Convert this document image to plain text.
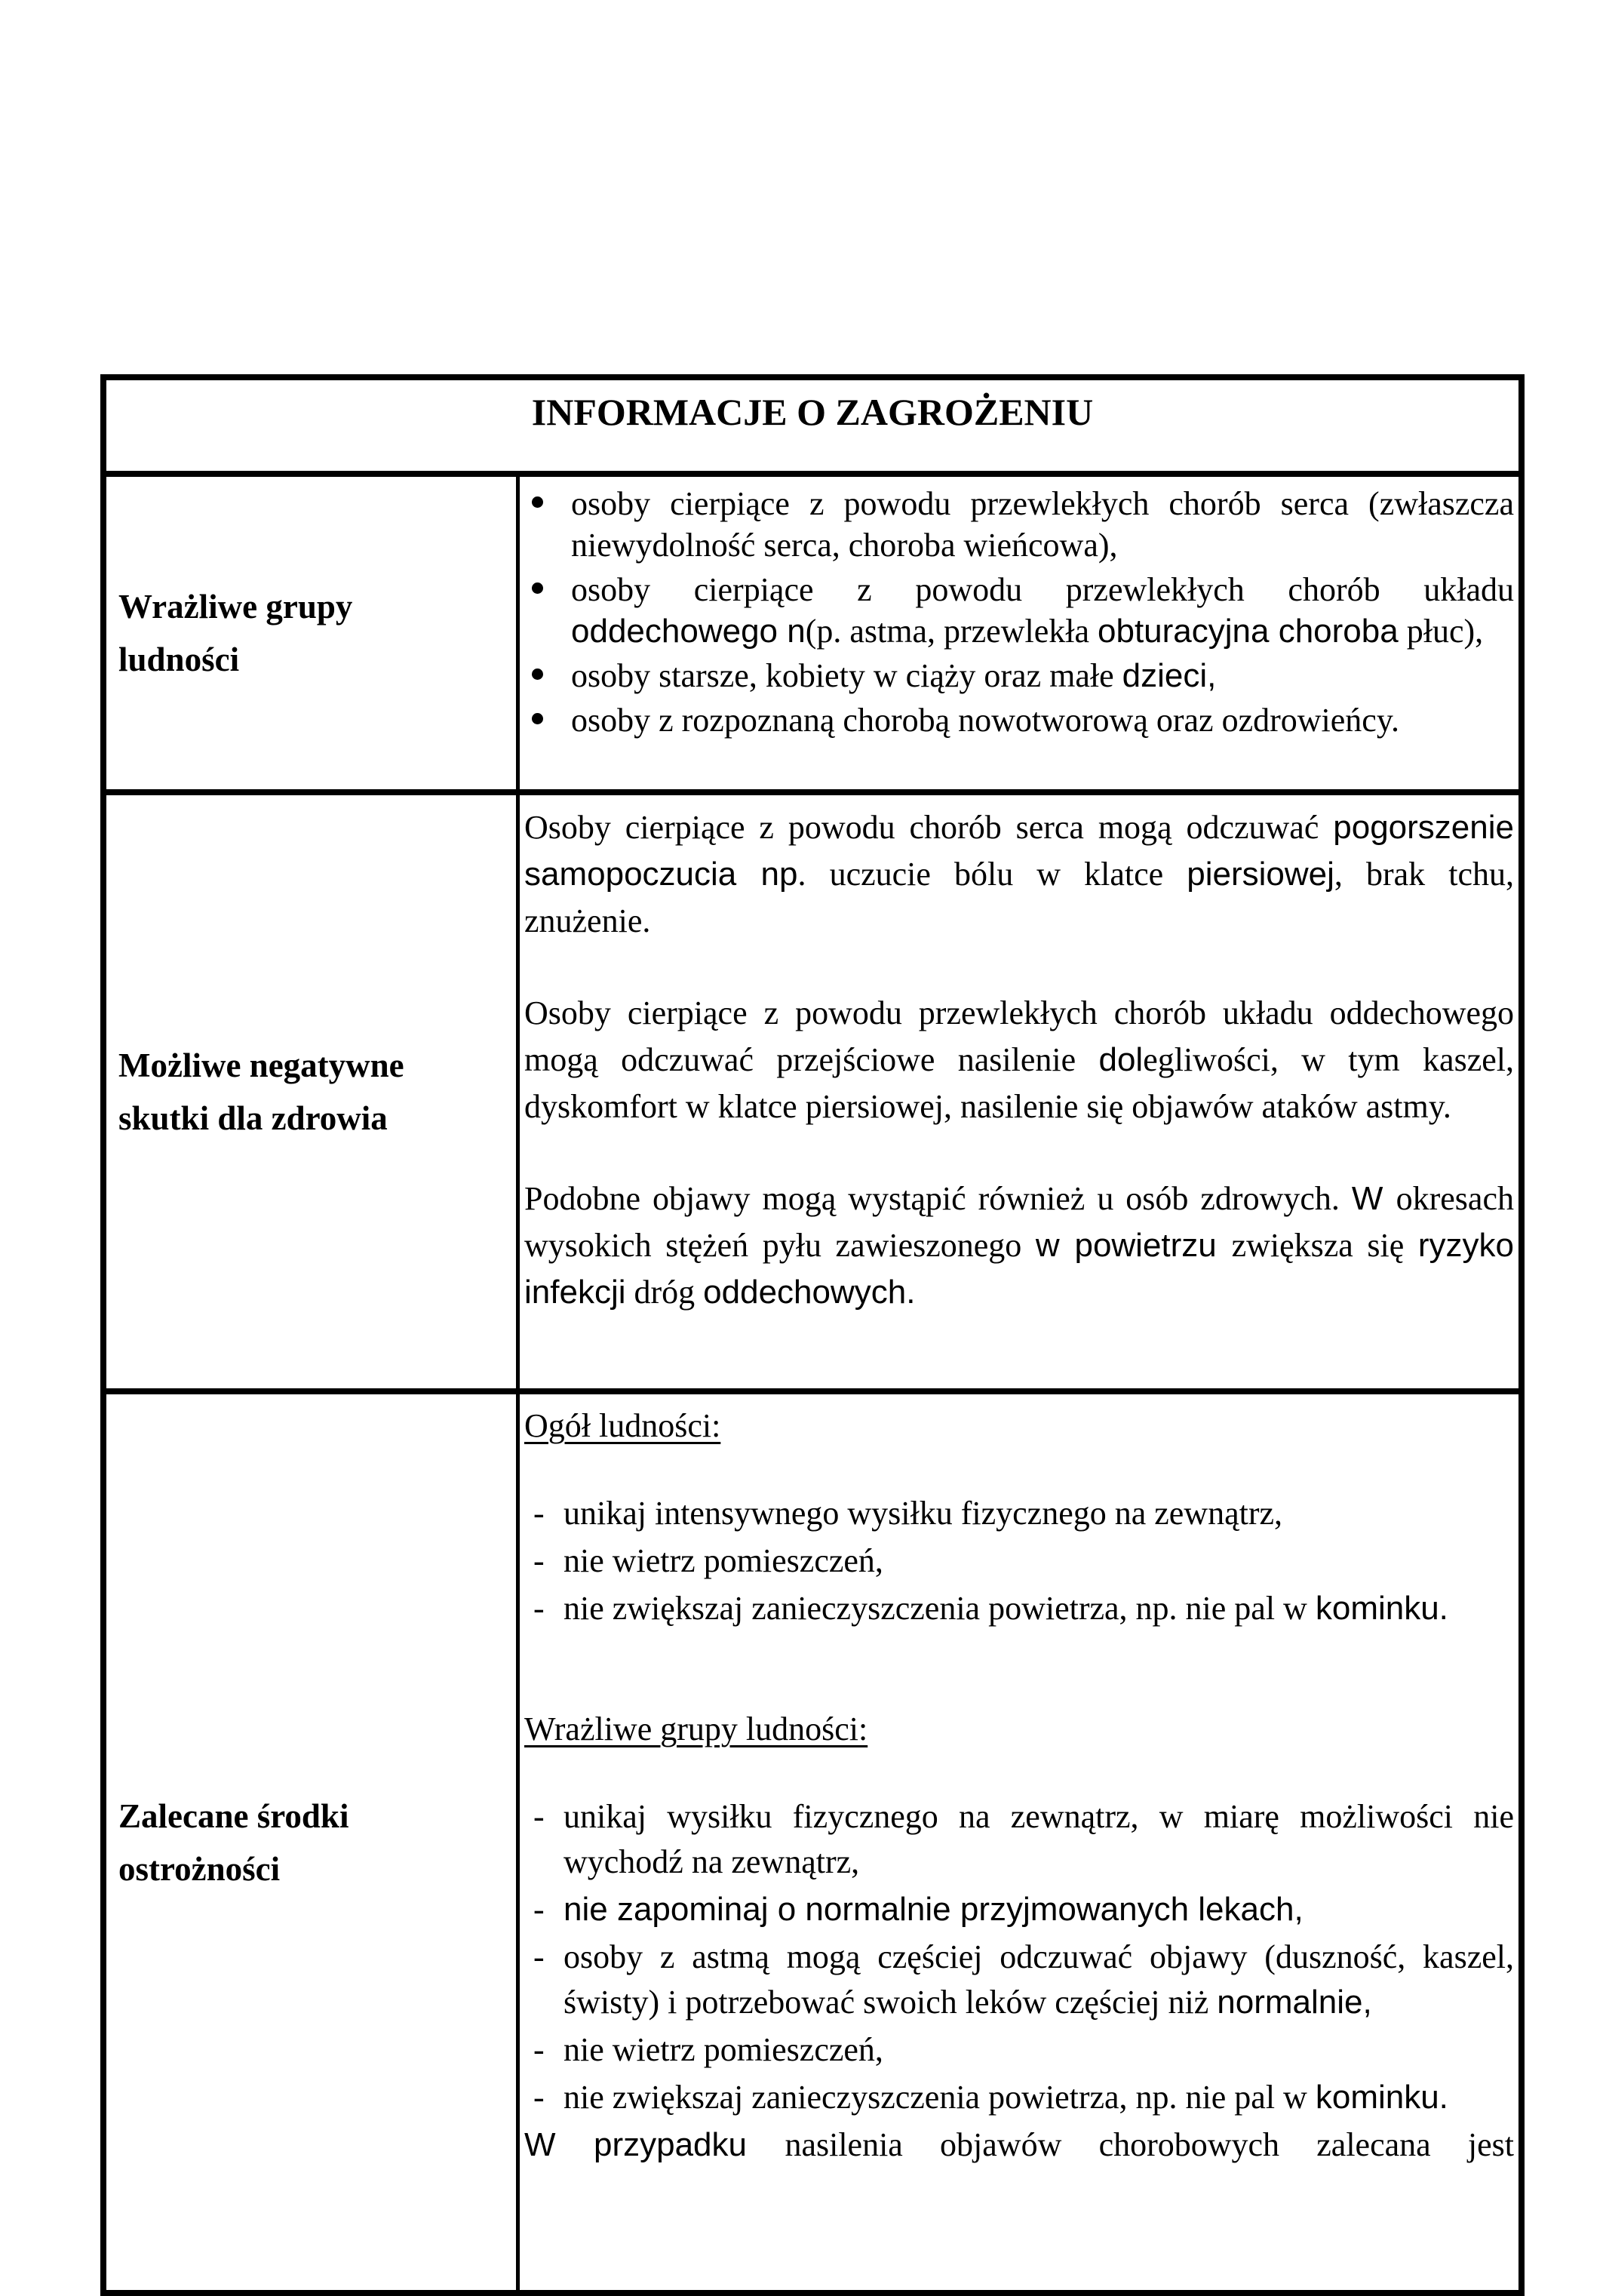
INFORMACJE O ZAGROŻENIU
Wrażliwe grupy
ludności
osoby cierpiące z powodu przewlekłych chorób serca (zwłaszcza niewydolność serca, choroba wieńcowa),
osoby cierpiące z powodu przewlekłych chorób układu oddechowego n(p. astma, przewlekła obturacyjna choroba płuc),
osoby starsze, kobiety w ciąży oraz małe dzieci,
osoby z rozpoznaną chorobą nowotworową oraz ozdrowieńcy.
Możliwe negatywne
skutki dla zdrowia
Osoby cierpiące z powodu chorób serca mogą odczuwać pogorszenie samopoczucia np. uczucie bólu w klatce piersiowej, brak tchu, znużenie.
Osoby cierpiące z powodu przewlekłych chorób układu oddechowego mogą odczuwać przejściowe nasilenie dolegliwości, w tym kaszel, dyskomfort w klatce piersiowej, nasilenie się objawów ataków astmy.
Podobne objawy mogą wystąpić również u osób zdrowych. W okresach wysokich stężeń pyłu zawieszonego w powietrzu zwiększa się ryzyko infekcji dróg oddechowych.
Zalecane środki
ostrożności
Ogół ludności:
- unikaj intensywnego wysiłku fizycznego na zewnątrz,
- nie wietrz pomieszczeń,
- nie zwiększaj zanieczyszczenia powietrza, np. nie pal w kominku.
Wrażliwe grupy ludności:
- unikaj wysiłku fizycznego na zewnątrz, w miarę możliwości nie wychodź na zewnątrz,
- nie zapominaj o normalnie przyjmowanych lekach,
- osoby z astmą mogą częściej odczuwać objawy (duszność, kaszel, świsty) i potrzebować swoich leków częściej niż normalnie,
- nie wietrz pomieszczeń,
- nie zwiększaj zanieczyszczenia powietrza, np. nie pal w kominku.
W przypadku nasilenia objawów chorobowych zalecana jest
